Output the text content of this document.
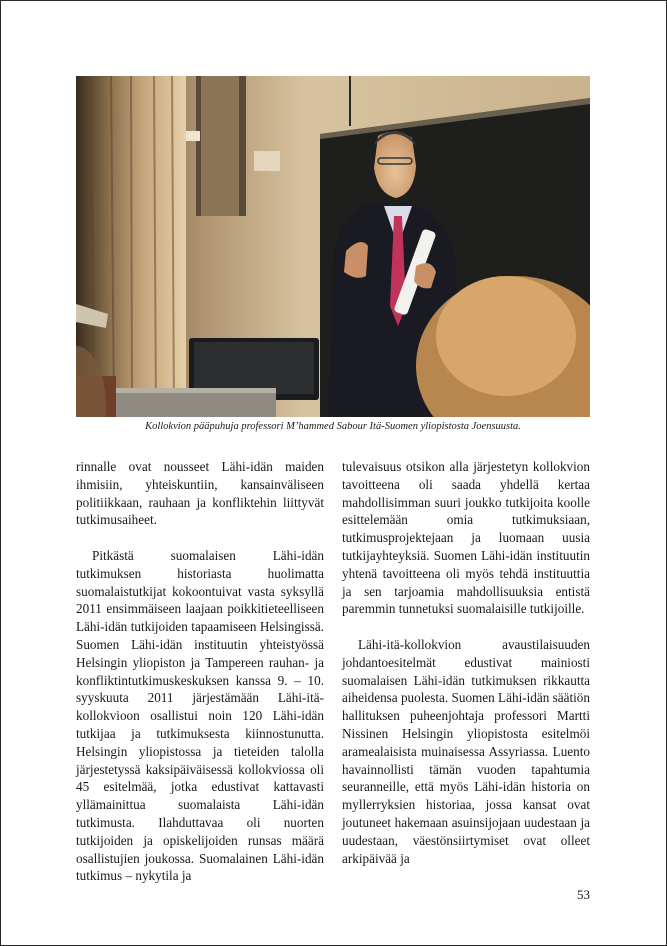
Kollokvion pääpuhuja professori M’hammed Sabour Itä-Suomen yliopistosta Joensuusta.

rinnalle ovat nousseet Lähi-idän maiden ihmisiin, yhteiskuntiin, kansainväliseen politiikkaan, rauhaan ja konfliktehin liittyvät tutkimusaiheet.

Pitkästä suomalaisen Lähi-idän tutkimuksen historiasta huolimatta suomalaistutkijat kokoontuivat vasta syksyllä 2011 ensimmäiseen laajaan poikkitieteelliseen Lähi-idän tutkijoiden tapaamiseen Helsingissä. Suomen Lähi-idän instituutin yhteistyössä Helsingin yliopiston ja Tampereen rauhan- ja konfliktintutkimuskeskuksen kanssa 9. – 10. syyskuuta 2011 järjestämään Lähi-itä-kollokvioon osallistui noin 120 Lähi-idän tutkijaa ja tutkimuksesta kiinnostunutta. Helsingin yliopistossa ja tieteiden talolla järjestetyssä kaksipäiväisessä kollokviossa oli 45 esitelmää, jotka edustivat kattavasti yllämainittua suomalaista Lähi-idän tutkimusta. Ilahduttavaa oli nuorten tutkijoiden ja opiskelijoiden runsas määrä osallistujien joukossa. Suomalainen Lähi-idän tutkimus – nykytila ja

tulevaisuus otsikon alla järjestetyn kollokvion tavoitteena oli saada yhdellä kertaa mahdollisimman suuri joukko tutkijoita koolle esittelemään omia tutkimuksiaan, tutkimusprojektejaan ja luomaan uusia tutkijayhteyksiä. Suomen Lähi-idän instituutin yhtenä tavoitteena oli myös tehdä instituuttia ja sen tarjoamia mahdollisuuksia entistä paremmin tunnetuksi suomalaisille tutkijoille.

Lähi-itä-kollokvion avaustilaisuuden johdantoesitelmät edustivat mainiosti suomalaisen Lähi-idän tutkimuksen rikkautta aiheidensa puolesta. Suomen Lähi-idän säätiön hallituksen puheenjohtaja professori Martti Nissinen Helsingin yliopistosta esitelmöi aramealaisista muinaisessa Assyriassa. Luento havainnollisti tämän vuoden tapahtumia seuranneille, että myös Lähi-idän historia on myllerryksien historiaa, jossa kansat ovat joutuneet hakemaan asuinsijojaan uudestaan ja uudestaan, väestönsiirtymiset ovat olleet arkipäivää ja

53
